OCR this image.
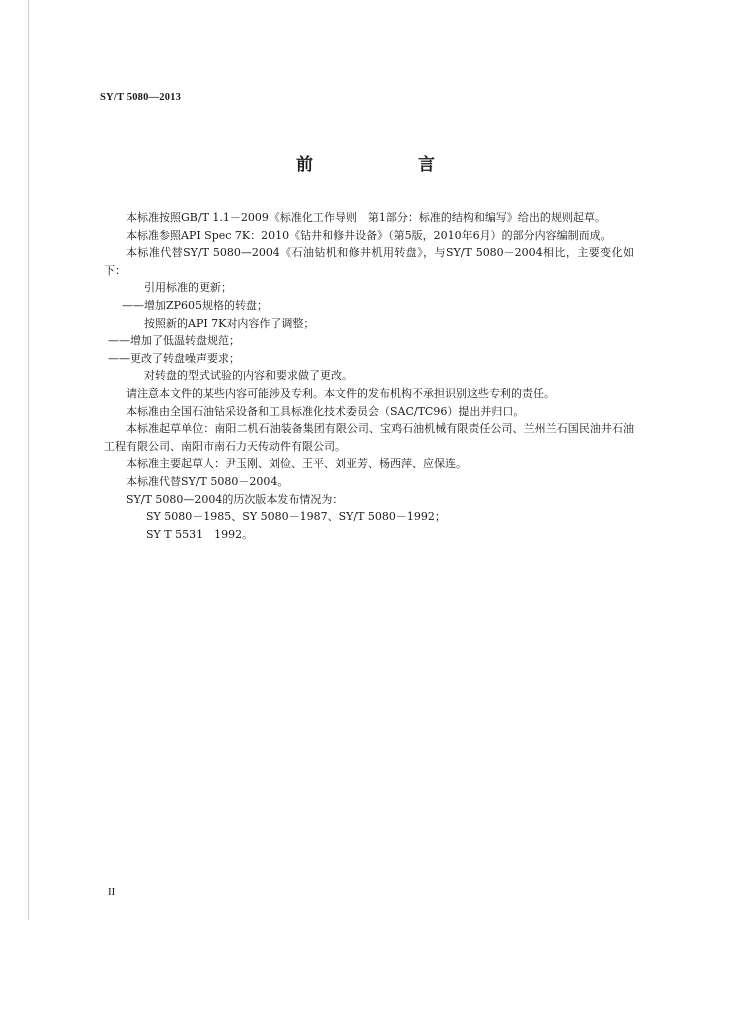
SY/T 5080—2013
前　言

本标准按照GB/T 1.1－2009《标准化工作导则　第1部分：标准的结构和编写》给出的规则起草。

本标准参照API Spec 7K：2010《钻井和修井设备》（第5版，2010年6月）的部分内容编制而成。

本标准代替SY/T 5080—2004《石油钻机和修井机用转盘》，与SY/T 5080－2004相比，主要变化如下：

引用标准的更新；

——增加ZP605规格的转盘；

按照新的API 7K对内容作了调整；

——增加了低温转盘规范；

——更改了转盘噪声要求；

对转盘的型式试验的内容和要求做了更改。

请注意本文件的某些内容可能涉及专利。本文件的发布机构不承担识别这些专利的责任。

本标准由全国石油钻采设备和工具标准化技术委员会（SAC/TC96）提出并归口。

本标准起草单位：南阳二机石油装备集团有限公司、宝鸡石油机械有限责任公司、兰州兰石国民油井石油工程有限公司、南阳市南石力天传动件有限公司。

本标准主要起草人：尹玉刚、刘俭、王平、刘亚芳、杨西萍、应保连。

本标准代替SY/T 5080－2004。

SY/T 5080—2004的历次版本发布情况为：

SY 5080－1985、SY 5080－1987、SY/T 5080－1992；

SY T 5531　1992。

II
